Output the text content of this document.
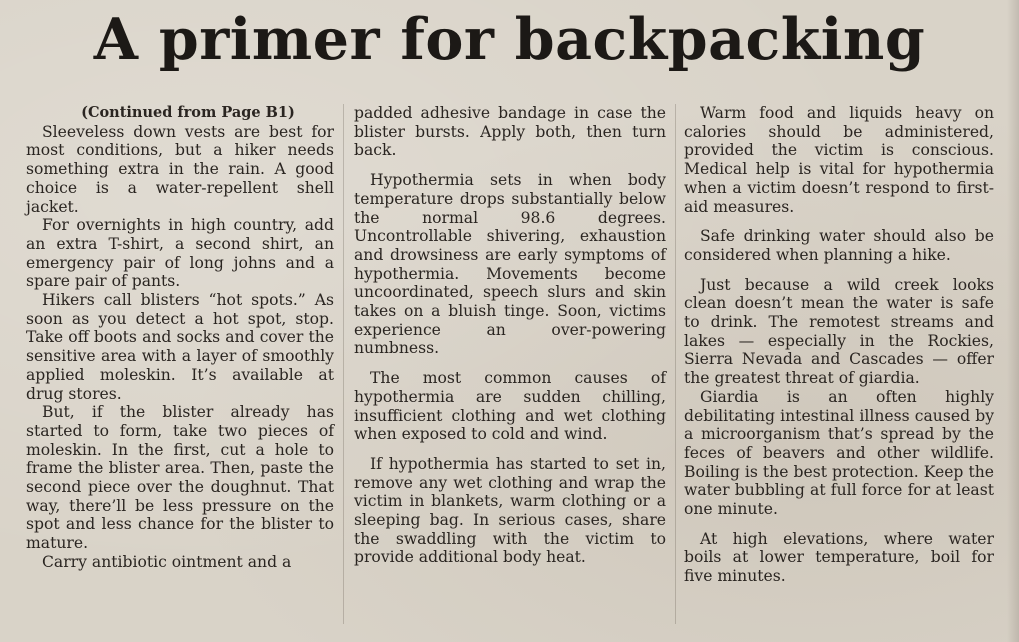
A primer for backpacking

(Continued from Page B1)

Sleeveless down vests are best for most conditions, but a hiker needs something extra in the rain. A good choice is a water-repellent shell jacket.

For overnights in high country, add an extra T-shirt, a second shirt, an emergency pair of long johns and a spare pair of pants.

Hikers call blisters “hot spots.” As soon as you detect a hot spot, stop. Take off boots and socks and cover the sensitive area with a layer of smoothly applied moleskin. It’s available at drug stores.

But, if the blister already has started to form, take two pieces of moleskin. In the first, cut a hole to frame the blister area. Then, paste the second piece over the doughnut. That way, there’ll be less pressure on the spot and less chance for the blister to mature.

Carry antibiotic ointment and a

padded adhesive bandage in case the blister bursts. Apply both, then turn back.

Hypothermia sets in when body temperature drops substantially below the normal 98.6 degrees. Uncontrollable shivering, exhaustion and drowsiness are early symptoms of hypothermia. Movements become uncoordinated, speech slurs and skin takes on a bluish tinge. Soon, victims experience an over-powering numbness.

The most common causes of hypothermia are sudden chilling, insufficient clothing and wet clothing when exposed to cold and wind.

If hypothermia has started to set in, remove any wet clothing and wrap the victim in blankets, warm clothing or a sleeping bag. In serious cases, share the swaddling with the victim to provide additional body heat.

Warm food and liquids heavy on calories should be administered, provided the victim is conscious. Medical help is vital for hypothermia when a victim doesn’t respond to first-aid measures.

Safe drinking water should also be considered when planning a hike.

Just because a wild creek looks clean doesn’t mean the water is safe to drink. The remotest streams and lakes — especially in the Rockies, Sierra Nevada and Cascades — offer the greatest threat of giardia.

Giardia is an often highly debilitating intestinal illness caused by a microorganism that’s spread by the feces of beavers and other wildlife. Boiling is the best protection. Keep the water bubbling at full force for at least one minute.

At high elevations, where water boils at lower temperature, boil for five minutes.
